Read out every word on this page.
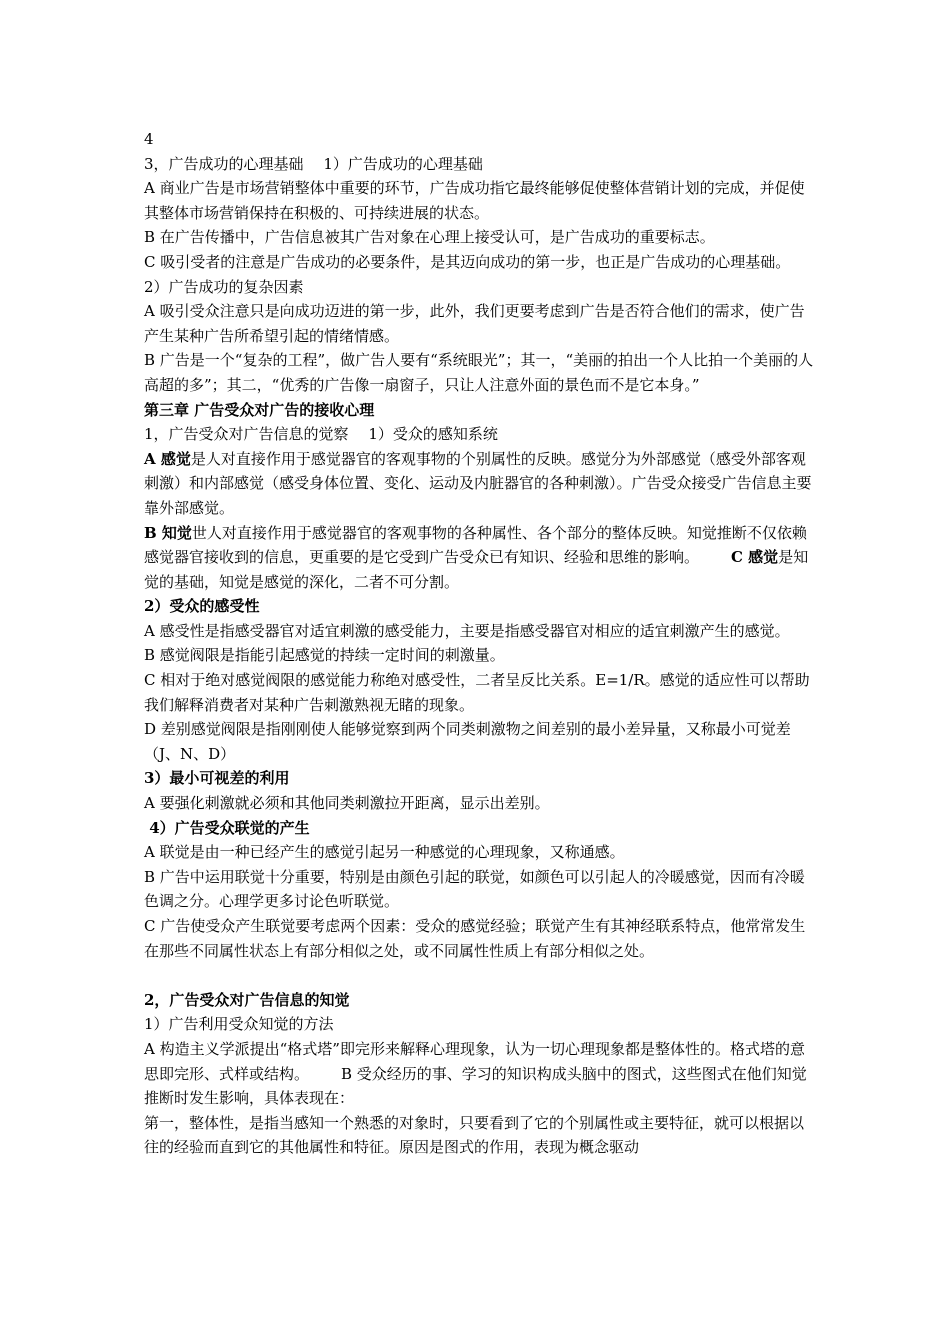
4

3，广告成功的心理基础　 1）广告成功的心理基础

A 商业广告是市场营销整体中重要的环节，广告成功指它最终能够促使整体营销计划的完成，并促使其整体市场营销保持在积极的、可持续进展的状态。

B 在广告传播中，广告信息被其广告对象在心理上接受认可，是广告成功的重要标志。

C 吸引受者的注意是广告成功的必要条件，是其迈向成功的第一步，也正是广告成功的心理基础。2）广告成功的复杂因素

A 吸引受众注意只是向成功迈进的第一步，此外，我们更要考虑到广告是否符合他们的需求，使广告产生某种广告所希望引起的情绪情感。

B 广告是一个“复杂的工程”，做广告人要有“系统眼光”；其一，“美丽的拍出一个人比拍一个美丽的人高超的多”；其二，“优秀的广告像一扇窗子，只让人注意外面的景色而不是它本身。”

第三章 广告受众对广告的接收心理

1，广告受众对广告信息的觉察　 1）受众的感知系统

A 感觉是人对直接作用于感觉器官的客观事物的个别属性的反映。感觉分为外部感觉（感受外部客观刺激）和内部感觉（感受身体位置、变化、运动及内脏器官的各种刺激）。广告受众接受广告信息主要靠外部感觉。

B 知觉世人对直接作用于感觉器官的客观事物的各种属性、各个部分的整体反映。知觉推断不仅依赖感觉器官接收到的信息，更重要的是它受到广告受众已有知识、经验和思维的影响。 C 感觉是知觉的基础，知觉是感觉的深化，二者不可分割。

2）受众的感受性

A 感受性是指感受器官对适宜刺激的感受能力，主要是指感受器官对相应的适宜刺激产生的感觉。

B 感觉阀限是指能引起感觉的持续一定时间的刺激量。

C 相对于绝对感觉阀限的感觉能力称绝对感受性，二者呈反比关系。E=1/R。感觉的适应性可以帮助我们解释消费者对某种广告刺激熟视无睹的现象。

D 差别感觉阀限是指刚刚使人能够觉察到两个同类刺激物之间差别的最小差异量，又称最小可觉差（J、N、D）

3）最小可视差的利用

A 要强化刺激就必须和其他同类刺激拉开距离，显示出差别。

4）广告受众联觉的产生

A 联觉是由一种已经产生的感觉引起另一种感觉的心理现象，又称通感。

B 广告中运用联觉十分重要，特别是由颜色引起的联觉，如颜色可以引起人的冷暖感觉，因而有冷暖色调之分。心理学更多讨论色听联觉。

C 广告使受众产生联觉要考虑两个因素：受众的感觉经验；联觉产生有其神经联系特点，他常常发生在那些不同属性状态上有部分相似之处，或不同属性性质上有部分相似之处。

2，广告受众对广告信息的知觉

1）广告利用受众知觉的方法

A 构造主义学派提出“格式塔”即完形来解释心理现象，认为一切心理现象都是整体性的。格式塔的意思即完形、式样或结构。 B 受众经历的事、学习的知识构成头脑中的图式，这些图式在他们知觉推断时发生影响，具体表现在：

第一，整体性，是指当感知一个熟悉的对象时，只要看到了它的个别属性或主要特征，就可以根据以往的经验而直到它的其他属性和特征。原因是图式的作用，表现为概念驱动
